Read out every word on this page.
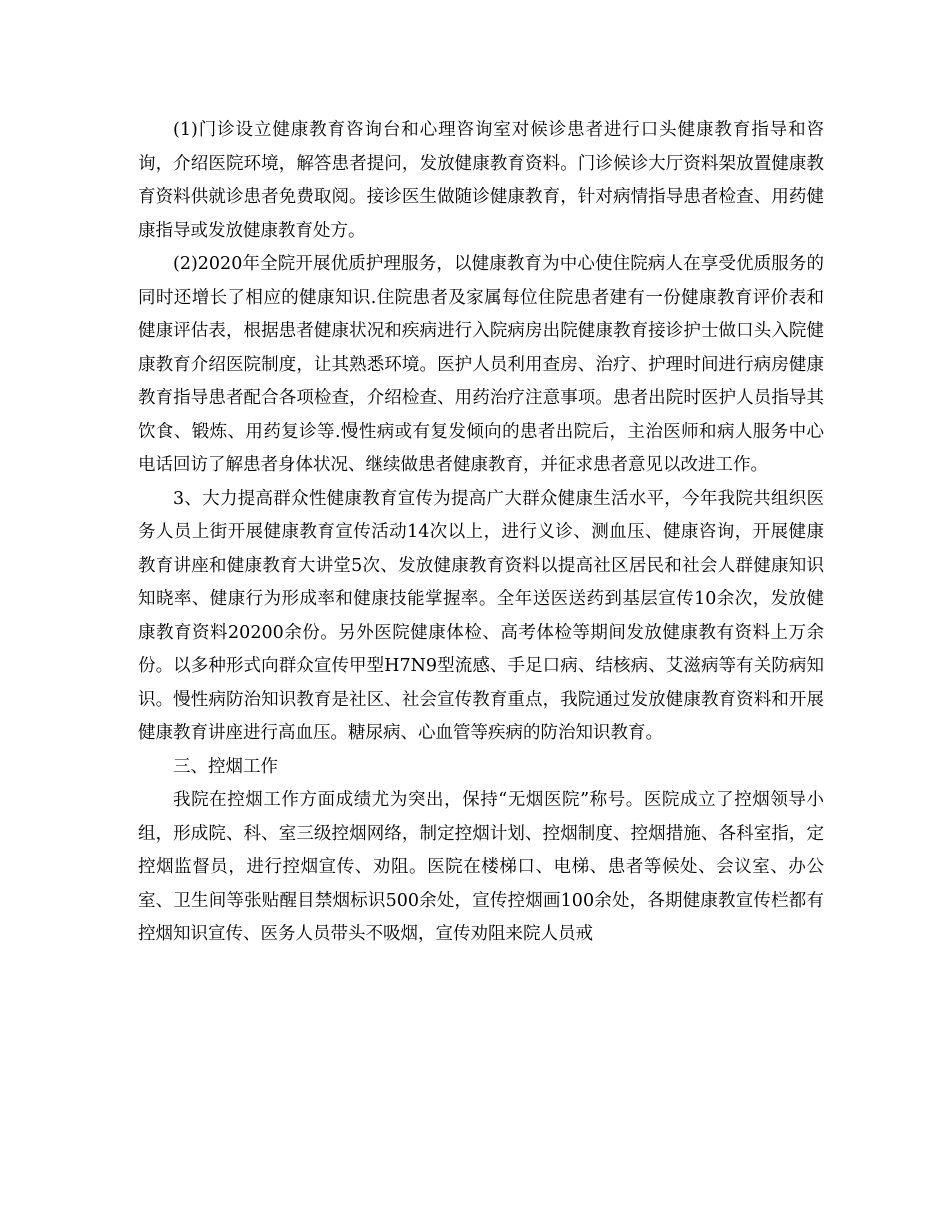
(1)门诊设立健康教育咨询台和心理咨询室对候诊患者进行口头健康教育指导和咨询，介绍医院环境，解答患者提问，发放健康教育资料。门诊候诊大厅资料架放置健康教育资料供就诊患者免费取阅。接诊医生做随诊健康教育，针对病情指导患者检查、用药健康指导或发放健康教育处方。

(2)2020年全院开展优质护理服务，以健康教育为中心使住院病人在享受优质服务的同时还增长了相应的健康知识.住院患者及家属每位住院患者建有一份健康教育评价表和健康评估表，根据患者健康状况和疾病进行入院病房出院健康教育接诊护士做口头入院健康教育介绍医院制度，让其熟悉环境。医护人员利用查房、治疗、护理时间进行病房健康教育指导患者配合各项检查，介绍检查、用药治疗注意事项。患者出院时医护人员指导其饮食、锻炼、用药复诊等.慢性病或有复发倾向的患者出院后，主治医师和病人服务中心电话回访了解患者身体状况、继续做患者健康教育，并征求患者意见以改进工作。

3、大力提高群众性健康教育宣传为提高广大群众健康生活水平，今年我院共组织医务人员上街开展健康教育宣传活动14次以上，进行义诊、测血压、健康咨询，开展健康教育讲座和健康教育大讲堂5次、发放健康教育资料以提高社区居民和社会人群健康知识知晓率、健康行为形成率和健康技能掌握率。全年送医送药到基层宣传10余次，发放健康教育资料20200余份。另外医院健康体检、高考体检等期间发放健康教有资料上万余份。以多种形式向群众宣传甲型H7N9型流感、手足口病、结核病、艾滋病等有关防病知识。慢性病防治知识教育是社区、社会宣传教育重点，我院通过发放健康教育资料和开展健康教育讲座进行高血压。糖尿病、心血管等疾病的防治知识教育。

三、控烟工作

我院在控烟工作方面成绩尤为突出，保持“无烟医院”称号。医院成立了控烟领导小组，形成院、科、室三级控烟网络，制定控烟计划、控烟制度、控烟措施、各科室指，定控烟监督员，进行控烟宣传、劝阻。医院在楼梯口、电梯、患者等候处、会议室、办公室、卫生间等张贴醒目禁烟标识500余处，宣传控烟画100余处，各期健康教宣传栏都有控烟知识宣传、医务人员带头不吸烟，宣传劝阻来院人员戒
